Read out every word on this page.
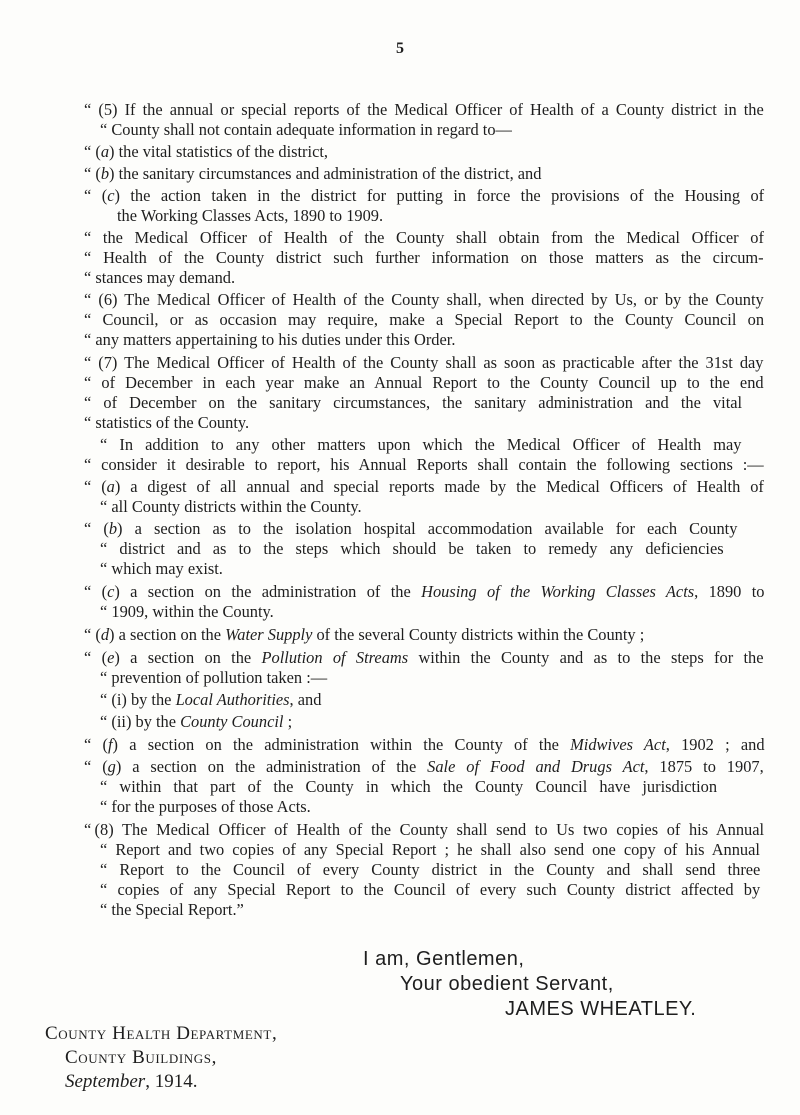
5
“ (5) If the annual or special reports of the Medical Officer of Health of a County district in the
“ County shall not contain adequate information in regard to—
“ (a) the vital statistics of the district,
“ (b) the sanitary circumstances and administration of the district, and
“ (c) the action taken in the district for putting in force the provisions of the Housing of
the Working Classes Acts, 1890 to 1909.
“ the Medical Officer of Health of the County shall obtain from the Medical Officer of
“ Health of the County district such further information on those matters as the circum-
“ stances may demand.
“ (6) The Medical Officer of Health of the County shall, when directed by Us, or by the County
“ Council, or as occasion may require, make a Special Report to the County Council on
“ any matters appertaining to his duties under this Order.
“ (7) The Medical Officer of Health of the County shall as soon as practicable after the 31st day
“ of December in each year make an Annual Report to the County Council up to the end
“ of December on the sanitary circumstances, the sanitary administration and the vital
“ statistics of the County.
“ In addition to any other matters upon which the Medical Officer of Health may
“ consider it desirable to report, his Annual Reports shall contain the following sections :—
“ (a) a digest of all annual and special reports made by the Medical Officers of Health of
“ all County districts within the County.
“ (b) a section as to the isolation hospital accommodation available for each County
“ district and as to the steps which should be taken to remedy any deficiencies
“ which may exist.
“ (c) a section on the administration of the Housing of the Working Classes Acts, 1890 to
“ 1909, within the County.
“ (d) a section on the Water Supply of the several County districts within the County ;
“ (e) a section on the Pollution of Streams within the County and as to the steps for the
“ prevention of pollution taken :—
“ (i) by the Local Authorities, and
“ (ii) by the County Council ;
“ (f) a section on the administration within the County of the Midwives Act, 1902 ; and
“ (g) a section on the administration of the Sale of Food and Drugs Act, 1875 to 1907,
“ within that part of the County in which the County Council have jurisdiction
“ for the purposes of those Acts.
“ (8) The Medical Officer of Health of the County shall send to Us two copies of his Annual
“ Report and two copies of any Special Report ; he shall also send one copy of his Annual
“ Report to the Council of every County district in the County and shall send three
“ copies of any Special Report to the Council of every such County district affected by
“ the Special Report.”
I am, Gentlemen,
Your obedient Servant,
JAMES WHEATLEY.
County Health Department,
County Buildings,
September, 1914.
